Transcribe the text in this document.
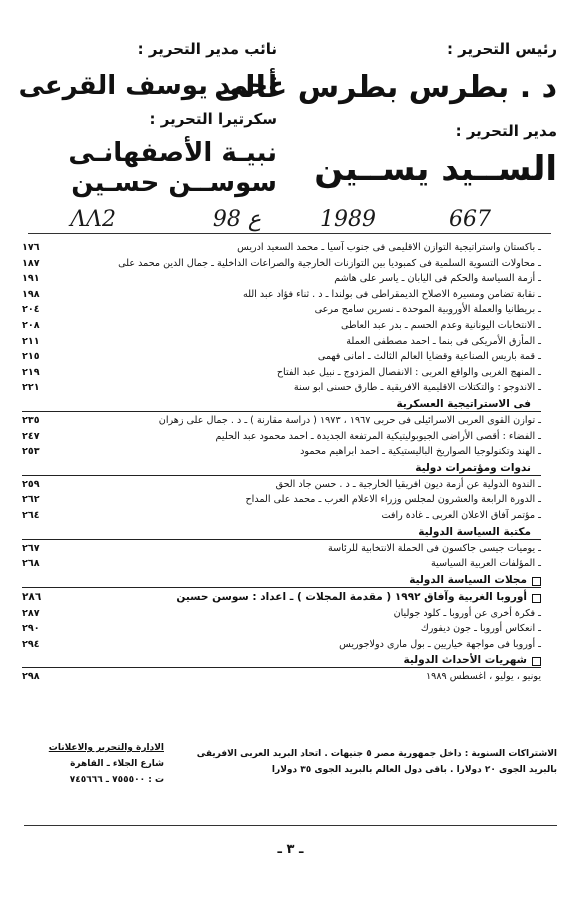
رئيس التحرير :
د . بطرس بطرس غالى
مدير التحرير :
الســيد يســين
نائب مدير التحرير :
أحمد يوسف القرعى
سكرتيرا التحرير :
نبيـة الأصفهانـى
سوســن حسـين
667
1989
ع 98
ΛΛ2
ـ باكستان واستراتيجية التوازن الاقليمى فى جنوب آسيا ـ محمد السعيد ادريس
١٧٦
ـ محاولات التسوية السلمية فى كمبوديا بين التوازنات الخارجية والصراعات الداخلية ـ جمال الدين محمد على
١٨٧
ـ أزمة السياسة والحكم فى اليابان ـ ياسر على هاشم
١٩١
ـ نقابة تضامن ومسيرة الاصلاح الديمقراطى فى بولندا ـ د . ثناء فؤاد عبد الله
١٩٨
ـ بريطانيا والعملة الأوروبية الموحدة ـ نسرين سامح مرعى
٢٠٤
ـ الانتخابات اليونانية وعدم الحسم ـ بدر عبد العاطى
٢٠٨
ـ المأزق الأمريكى فى بنما ـ احمد مصطفى العملة
٢١١
ـ قمة باريس الصناعية وقضايا العالم الثالث ـ امانى فهمى
٢١٥
ـ المنهج الغربى والواقع العربى : الانفصال المزدوج ـ نبيل عبد الفتاح
٢١٩
ـ الاندوجو : والتكتلات الاقليمية الافريقية ـ طارق حسنى ابو سنة
٢٢١
فى الاستراتيجية العسكرية
ـ توازن القوى العربى الاسرائيلى فى حربى ١٩٦٧ ، ١٩٧٣ ( دراسة مقارنة ) ـ د . جمال على زهران
٢٣٥
ـ الفضاء : أقصى الأراضى الجيوبوليتيكية المرتفعة الجديدة ـ احمد محمود عبد الحليم
٢٤٧
ـ الهند وتكنولوجيا الصواريخ الباليستيكية ـ احمد ابراهيم محمود
٢٥٣
ندوات ومؤتمرات دولية
ـ الندوة الدولية عن أزمة ديون افريقيا الخارجية ـ د . حسن جاد الحق
٢٥٩
ـ الدورة الرابعة والعشرون لمجلس وزراء الاعلام العرب ـ محمد على المداح
٢٦٢
ـ مؤتمر آفاق الاعلان العربى ـ غادة رافت
٢٦٤
مكتبة السياسة الدولية
ـ يوميات جيسى جاكسون فى الحملة الانتخابية للرئاسة
٢٦٧
ـ المؤلفات العربية السياسية
٢٦٨
مجلات السياسة الدولية
أوروبا الغربية وآفاق ١٩٩٢ ( مقدمة المجلات ) ـ اعداد : سوسن حسين
٢٨٦
ـ فكرة أخرى عن أوروبا ـ كلود جوليان
٢٨٧
ـ انعكاس أوروبا ـ جون ديفورك
٢٩٠
ـ أوروبا فى مواجهة خياريين ـ بول مارى دولاجوريس
٢٩٤
شهريات الأحداث الدولية
يونيو ، يوليو ، اغسطس ١٩٨٩
٢٩٨
الاشتراكات السنوية : داخل جمهورية مصر ٥ جنيهات . اتحاد البريد العربى الافريقى
بالبريد الجوى ٢٠ دولارا . باقى دول العالم بالبريد الجوى ٣٥ دولارا
الادارة والتحرير والاعلانات
شارع الجلاء ـ القاهرة
ت : ٧٥٥٥٠٠ ـ ٧٤٥٦٦٦
ـ ٣ ـ
